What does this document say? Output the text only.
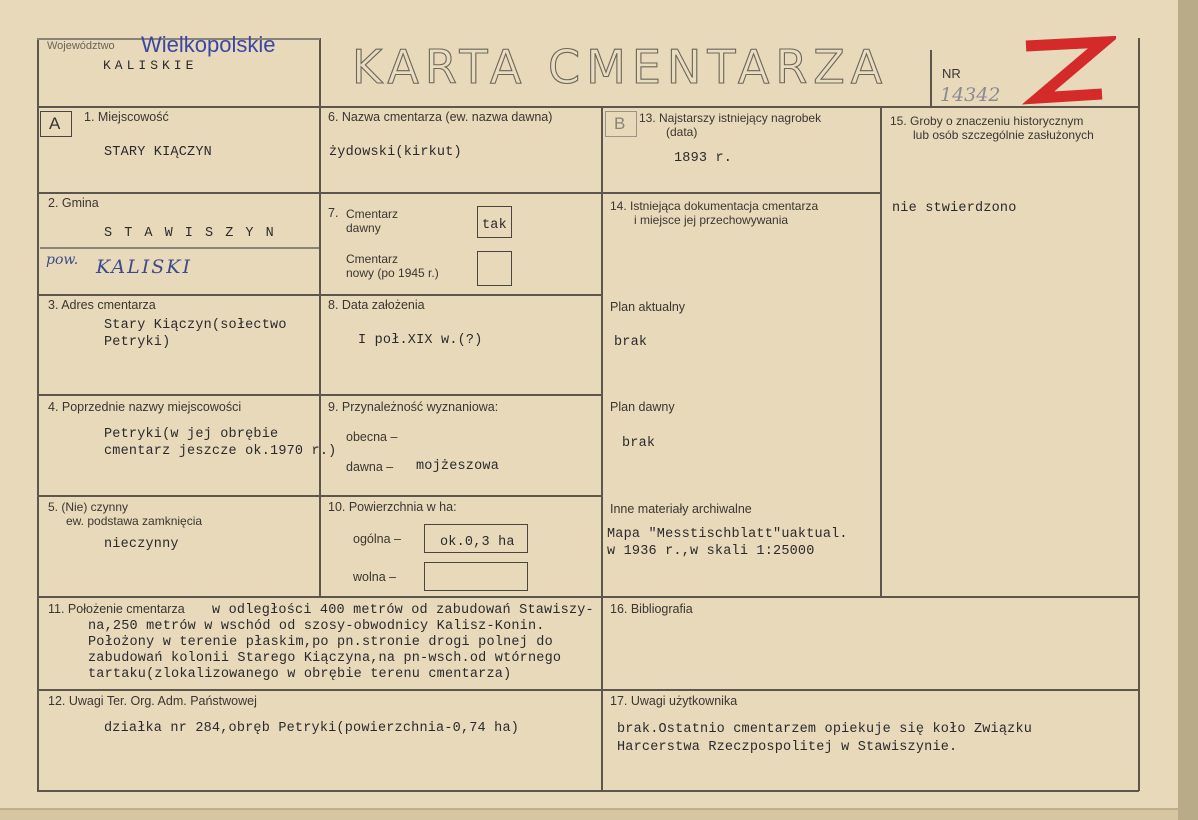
Województwo Wielkopolskie
KALISKIE	KARTA CMENTARZA	NR
14342
A 1. Miejscowość
STARY KIĄCZYN
2. Gmina
S T A W I S Z Y N
pow. KALISKI
3. Adres cmentarza
Stary Kiączyn(sołectwo
Petryki)
4. Poprzednie nazwy miejscowości
Petryki(w jej obrębie
cmentarz jeszcze ok.1970 r.)
5. (Nie) czynny
ew. podstawa zamknięcia
nieczynny
6. Nazwa cmentarza (ew. nazwa dawna)
żydowski(kirkut)
7. Cmentarz
dawny	tak
Cmentarz
nowy (po 1945 r.)
8. Data założenia
I poł.XIX w.(?)
9. Przynależność wyznaniowa:
obecna –
dawna – mojżeszowa
10. Powierzchnia w ha:
ogólna –	ok.0,3 ha
wolna –
B 13. Najstarszy istniejący nagrobek
(data)
1893 r.
14. Istniejąca dokumentacja cmentarza
i miejsce jej przechowywania
Plan aktualny
brak
Plan dawny
brak
Inne materiały archiwalne
Mapa "Messtischblatt"uaktual.
w 1936 r.,w skali 1:25000
15. Groby o znaczeniu historycznym
lub osób szczególnie zasłużonych
nie stwierdzono
11. Położenie cmentarza w odległości 400 metrów od zabudowań Stawiszy-
na,250 metrów w wschód od szosy-obwodnicy Kalisz-Konin.
Położony w terenie płaskim,po pn.stronie drogi polnej do
zabudowań kolonii Starego Kiączyna,na pn-wsch.od wtórnego
tartaku(zlokalizowanego w obrębie terenu cmentarza)
16. Bibliografia
12. Uwagi Ter. Org. Adm. Państwowej
działka nr 284,obręb Petryki(powierzchnia-0,74 ha)
17. Uwagi użytkownika
brak.Ostatnio cmentarzem opiekuje się koło Związku
Harcerstwa Rzeczpospolitej w Stawiszynie.
